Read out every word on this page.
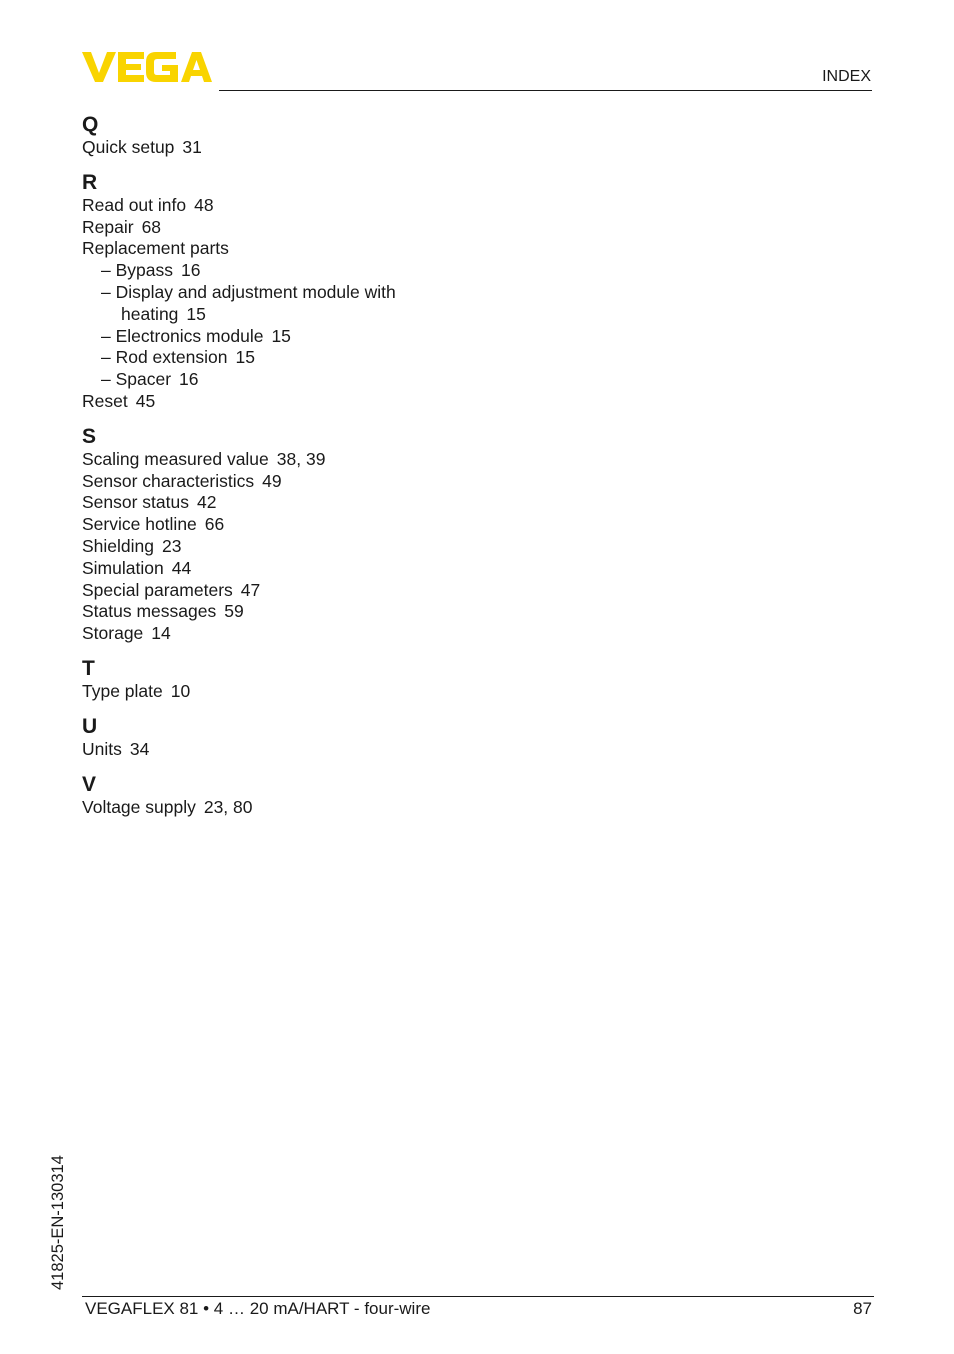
INDEX
Q
Quick setup 31
R
Read out info 48
Repair 68
Replacement parts
– Bypass 16
– Display and adjustment module with
heating 15
– Electronics module 15
– Rod extension 15
– Spacer 16
Reset 45
S
Scaling measured value 38, 39
Sensor characteristics 49
Sensor status 42
Service hotline 66
Shielding 23
Simulation 44
Special parameters 47
Status messages 59
Storage 14
T
Type plate 10
U
Units 34
V
Voltage supply 23, 80
41825-EN-130314
VEGAFLEX 81 • 4 … 20 mA/HART - four-wire	87
